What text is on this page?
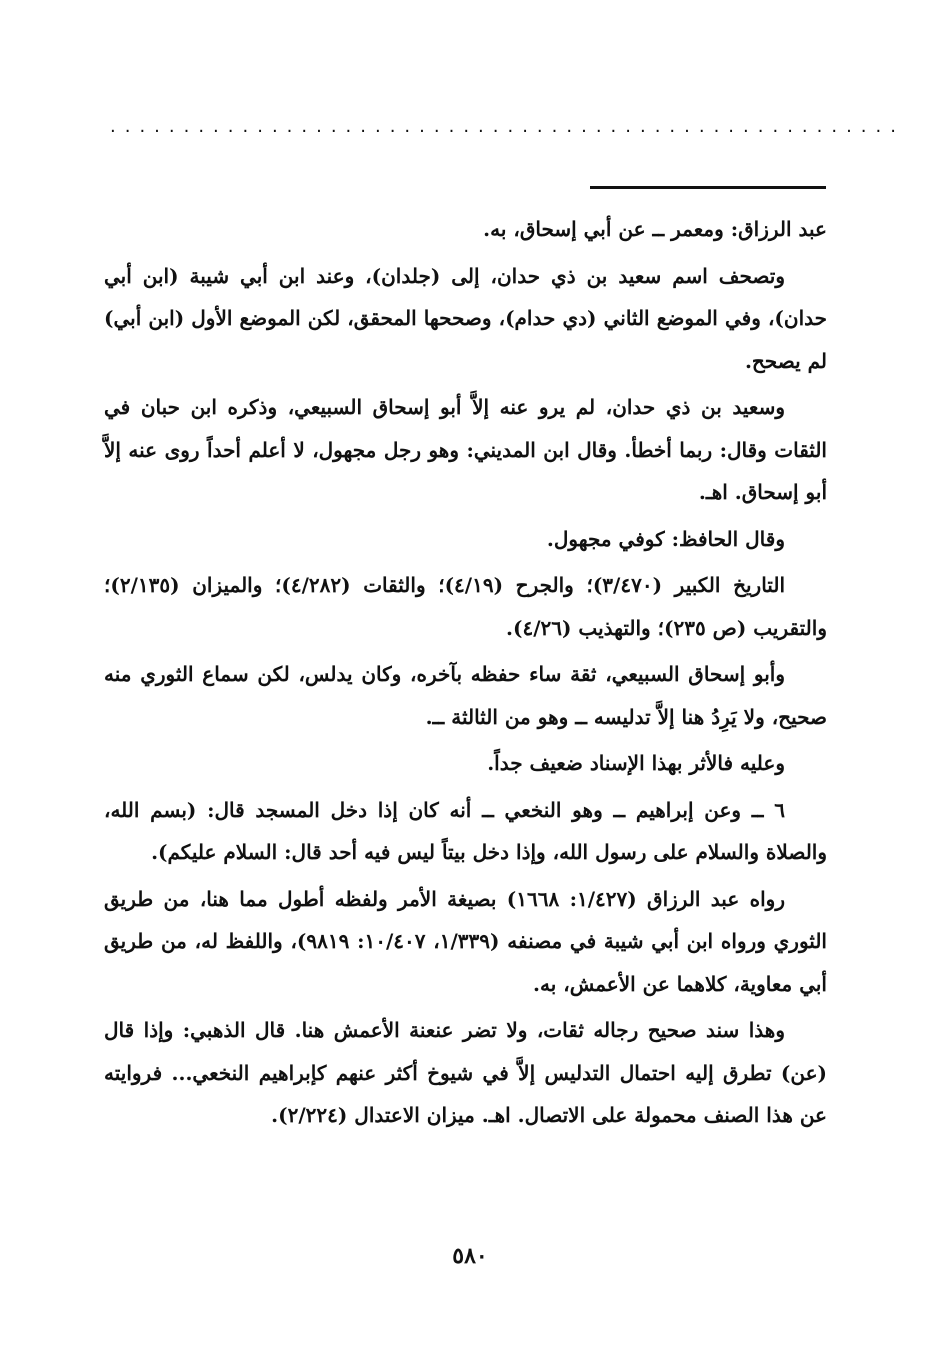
......................................................

عبد الرزاق: ومعمر ــ عن أبي إسحاق، به.

وتصحف اسم سعيد بن ذي حدان، إلى (جلدان)، وعند ابن أبي شيبة (ابن أبي حدان)، وفي الموضع الثاني (دي حدام)، وصححها المحقق، لكن الموضع الأول (ابن أبي) لم يصحح.

وسعيد بن ذي حدان، لم يرو عنه إلاَّ أبو إسحاق السبيعي، وذكره ابن حبان في الثقات وقال: ربما أخطأ. وقال ابن المديني: وهو رجل مجهول، لا أعلم أحداً روى عنه إلاَّ أبو إسحاق. اهـ.

وقال الحافظ: كوفي مجهول.

التاريخ الكبير (٣/٤٧٠)؛ والجرح (٤/١٩)؛ والثقات (٤/٢٨٢)؛ والميزان (٢/١٣٥)؛ والتقريب (ص ٢٣٥)؛ والتهذيب (٤/٢٦).

وأبو إسحاق السبيعي، ثقة ساء حفظه بآخره، وكان يدلس، لكن سماع الثوري منه صحيح، ولا يَرِدُ هنا إلاَّ تدليسه ــ وهو من الثالثة ــ.

وعليه فالأثر بهذا الإسناد ضعيف جداً.

٦ ــ وعن إبراهيم ــ وهو النخعي ــ أنه كان إذا دخل المسجد قال: (بسم الله، والصلاة والسلام على رسول الله، وإذا دخل بيتاً ليس فيه أحد قال: السلام عليكم).

رواه عبد الرزاق (١/٤٢٧: ١٦٦٨) بصيغة الأمر ولفظه أطول مما هنا، من طريق الثوري ورواه ابن أبي شيبة في مصنفه (١/٣٣٩، ١٠/٤٠٧: ٩٨١٩)، واللفظ له، من طريق أبي معاوية، كلاهما عن الأعمش، به.

وهذا سند صحيح رجاله ثقات، ولا تضر عنعنة الأعمش هنا. قال الذهبي: وإذا قال (عن) تطرق إليه احتمال التدليس إلاَّ في شيوخ أكثر عنهم كإبراهيم النخعي... فروايته عن هذا الصنف محمولة على الاتصال. اهـ. ميزان الاعتدال (٢/٢٢٤).

٥٨٠
